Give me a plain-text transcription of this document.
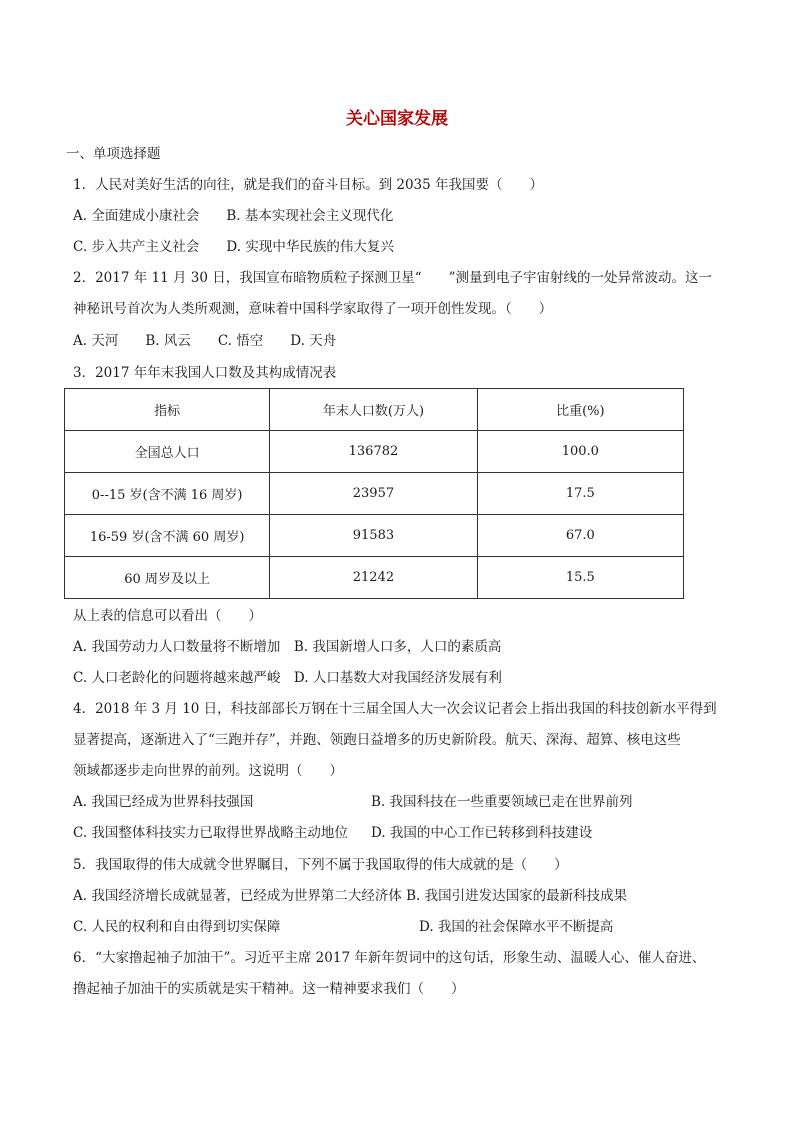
关心国家发展
一、单项选择题
1．人民对美好生活的向往，就是我们的奋斗目标。到 2035 年我国要（　　）
A. 全面建成小康社会　　B. 基本实现社会主义现代化
C. 步入共产主义社会　　D. 实现中华民族的伟大复兴
2．2017 年 11 月 30 日，我国宣布暗物质粒子探测卫星“　　”测量到电子宇宙射线的一处异常波动。这一
神秘讯号首次为人类所观测，意味着中国科学家取得了一项开创性发现。（　　）
A. 天河　　B. 风云　　C. 悟空　　D. 天舟
3．2017 年年末我国人口数及其构成情况表
指标	年末人口数(万人)	比重(%)
全国总人口	136782	100.0
0--15 岁(含不满 16 周岁)	23957	17.5
16-59 岁(含不满 60 周岁)	91583	67.0
60 周岁及以上	21242	15.5
从上表的信息可以看出（　　）
A. 我国劳动力人口数量将不断增加　B. 我国新增人口多，人口的素质高
C. 人口老龄化的问题将越来越严峻　D. 人口基数大对我国经济发展有利
4．2018 年 3 月 10 日，科技部部长万钢在十三届全国人大一次会议记者会上指出我国的科技创新水平得到
显著提高，逐渐进入了“三跑并存”，并跑、领跑日益增多的历史新阶段。航天、深海、超算、核电这些
领域都逐步走向世界的前列。这说明（　　）
A. 我国已经成为世界科技强国	B. 我国科技在一些重要领域已走在世界前列
C. 我国整体科技实力已取得世界战略主动地位 D. 我国的中心工作已转移到科技建设
5．我国取得的伟大成就令世界瞩目，下列不属于我国取得的伟大成就的是（　　）
A. 我国经济增长成就显著，已经成为世界第二大经济体 B. 我国引进发达国家的最新科技成果
C. 人民的权利和自由得到切实保障	D. 我国的社会保障水平不断提高
6．“大家撸起袖子加油干”。习近平主席 2017 年新年贺词中的这句话，形象生动、温暖人心、催人奋进、
撸起袖子加油干的实质就是实干精神。这一精神要求我们（　　）
